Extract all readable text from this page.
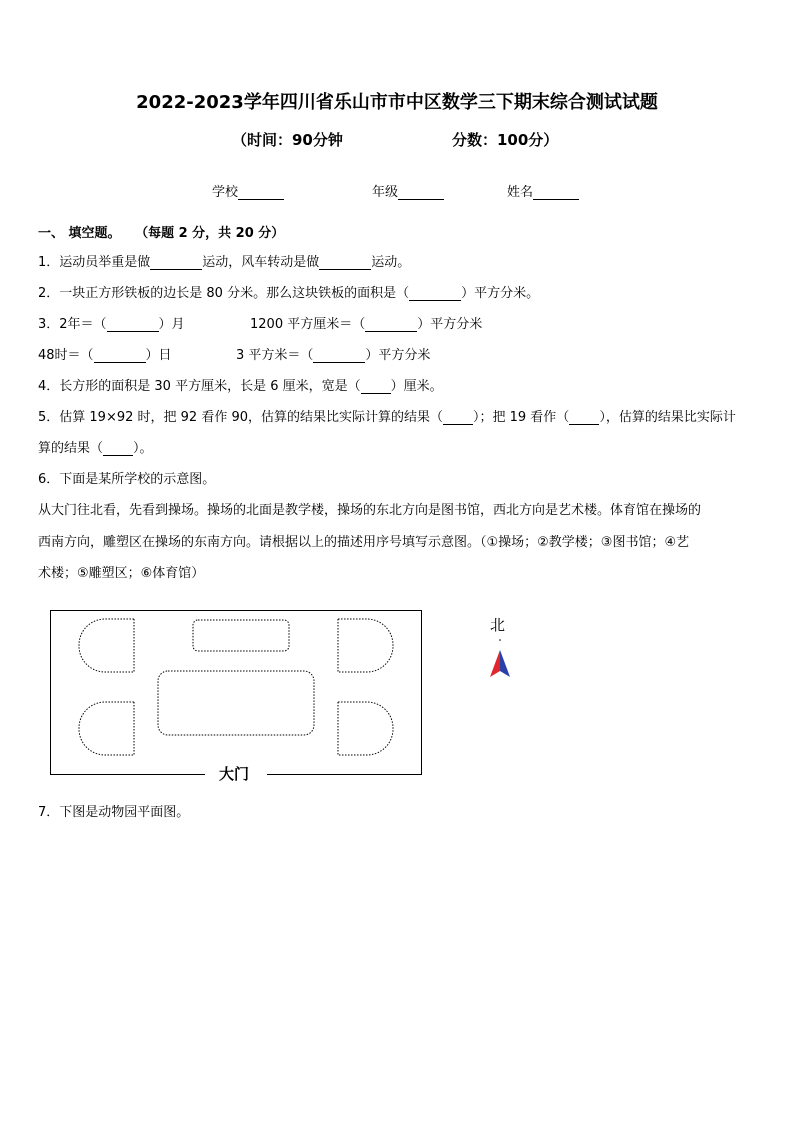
2022-2023学年四川省乐山市市中区数学三下期末综合测试试题
（时间：90分钟	分数：100分）
学校	年级	姓名
一、 填空题。 （每题 2 分，共 20 分）
1．运动员举重是做	运动，风车转动是做	运动。
2．一块正方形铁板的边长是 80 分米。那么这块铁板的面积是（	）平方分米。
3．2年＝（	）月	1200 平方厘米＝（	）平方分米
48时＝（	）日	3 平方米＝（	）平方分米
4．长方形的面积是 30 平方厘米，长是 6 厘米，宽是（ ）厘米。
5．估算 19×92 时，把 92 看作 90，估算的结果比实际计算的结果（ ）；把 19 看作（ ），估算的结果比实际计
算的结果（ ）。
6．下面是某所学校的示意图。
从大门往北看，先看到操场。操场的北面是教学楼，操场的东北方向是图书馆，西北方向是艺术楼。体育馆在操场的
西南方向，雕塑区在操场的东南方向。请根据以上的描述用序号填写示意图。（①操场；②教学楼；③图书馆；④艺
术楼；⑤雕塑区；⑥体育馆）
大门
北
7．下图是动物园平面图。
